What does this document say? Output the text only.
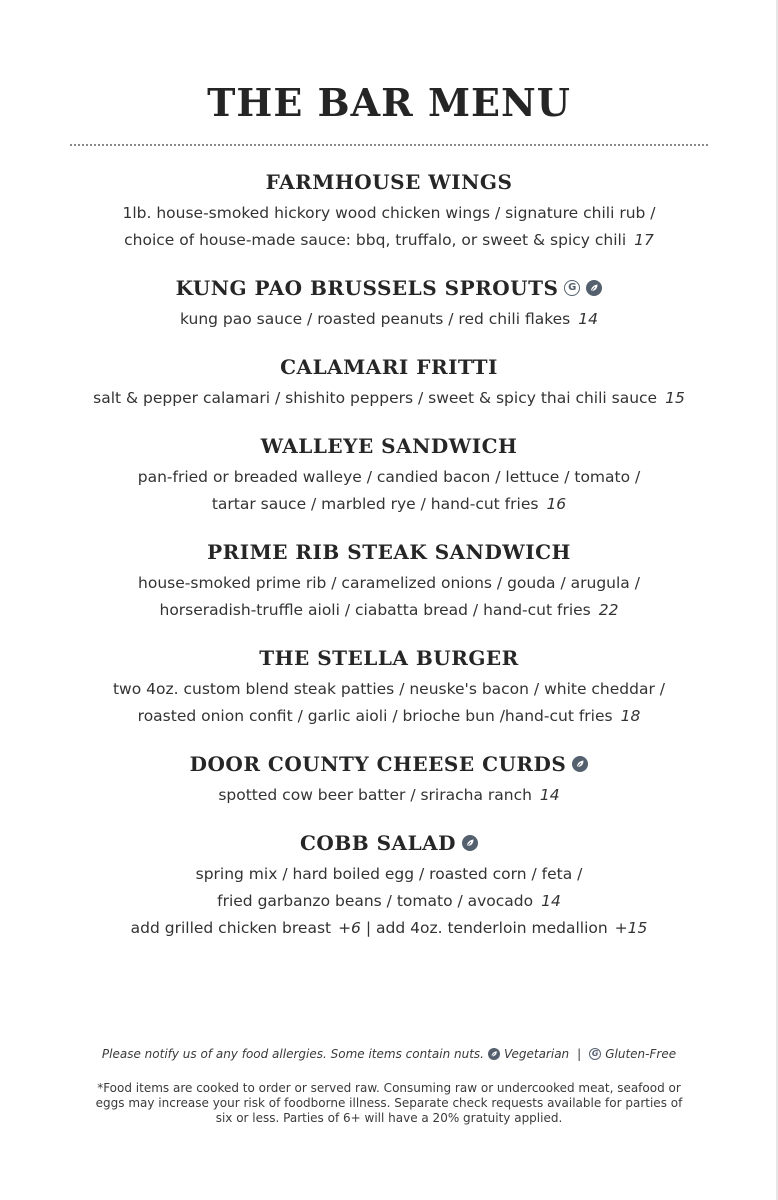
THE BAR MENU
FARMHOUSE WINGS
1lb. house-smoked hickory wood chicken wings / signature chili rub /
choice of house-made sauce: bbq, truffalo, or sweet & spicy chili 17
KUNG PAO BRUSSELS SPROUTS G
kung pao sauce / roasted peanuts / red chili flakes 14
CALAMARI FRITTI
salt & pepper calamari / shishito peppers / sweet & spicy thai chili sauce 15
WALLEYE SANDWICH
pan-fried or breaded walleye / candied bacon / lettuce / tomato /
tartar sauce / marbled rye / hand-cut fries 16
PRIME RIB STEAK SANDWICH
house-smoked prime rib / caramelized onions / gouda / arugula /
horseradish-truffle aioli / ciabatta bread / hand-cut fries 22
THE STELLA BURGER
two 4oz. custom blend steak patties / neuske's bacon / white cheddar /
roasted onion confit / garlic aioli / brioche bun /hand-cut fries 18
DOOR COUNTY CHEESE CURDS
spotted cow beer batter / sriracha ranch 14
COBB SALAD
spring mix / hard boiled egg / roasted corn / feta /
fried garbanzo beans / tomato / avocado 14
add grilled chicken breast +6 | add 4oz. tenderloin medallion +15
Please notify us of any food allergies. Some items contain nuts. Vegetarian |	G Gluten-Free
*Food items are cooked to order or served raw. Consuming raw or undercooked meat, seafood or
eggs may increase your risk of foodborne illness. Separate check requests available for parties of
six or less. Parties of 6+ will have a 20% gratuity applied.
